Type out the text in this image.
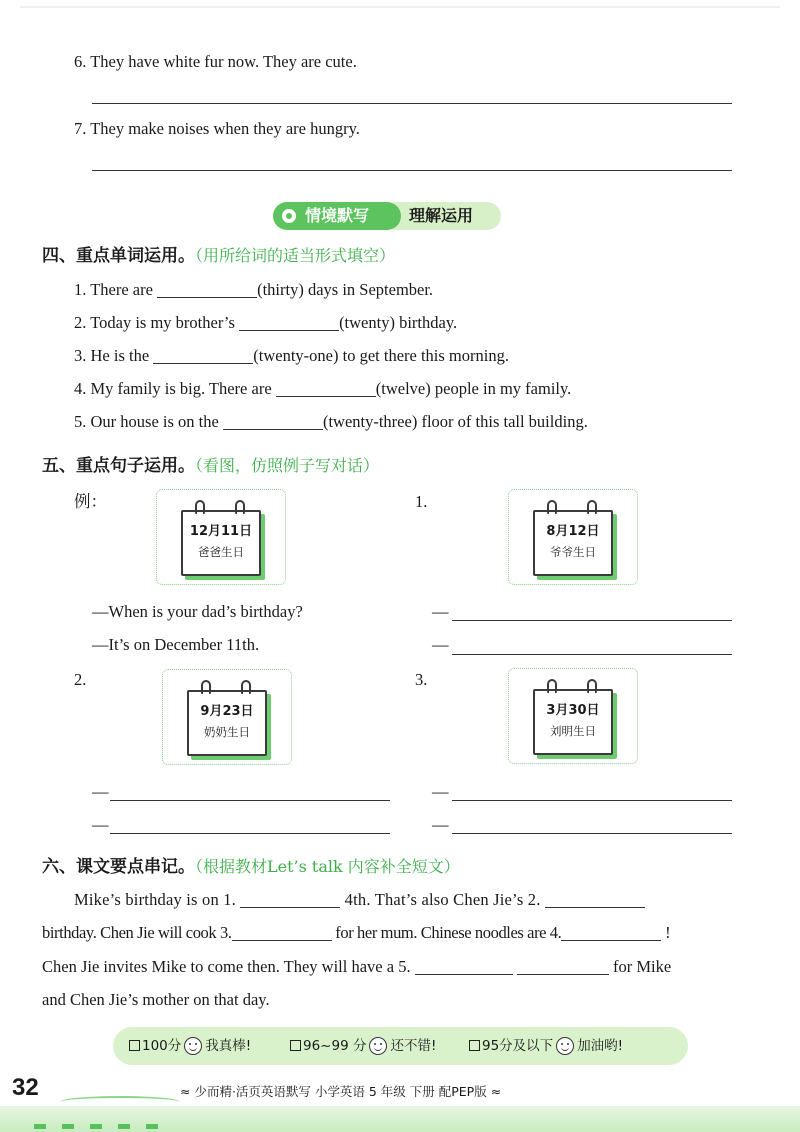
6. They have white fur now. They are cute.
7. They make noises when they are hungry.
理解运用
情境默写
四、重点单词运用。（用所给词的适当形式填空）
1. There are	(thirty) days in September.
2. Today is my brother’s	(twenty) birthday.
3. He is the	(twenty-one) to get there this morning.
4. My family is big. There are	(twelve) people in my family.
5. Our house is on the	(twenty-three) floor of this tall building.
五、重点句子运用。（看图，仿照例子写对话）
例：	1.
12月11日
爸爸生日
8月12日
爷爷生日
—When is your dad’s birthday?
—It’s on December 11th.
—
—
2.	3.
9月23日
奶奶生日
3月30日
刘明生日
—
—
—
—
六、课文要点串记。（根据教材Let’s talk 内容补全短文）
Mike’s birthday is on 1.	4th. That’s also Chen Jie’s 2.
birthday. Chen Jie will cook 3.	for her mum. Chinese noodles are 4.	!
Chen Jie invites Mike to come then. They will have a 5.	for Mike
and Chen Jie’s mother on that day.
100分 我真棒!	96~99 分 还不错!	95分及以下 加油哟!
32	≈ 少而精·活页英语默写 小学英语 5 年级 下册 配PEP版 ≈
